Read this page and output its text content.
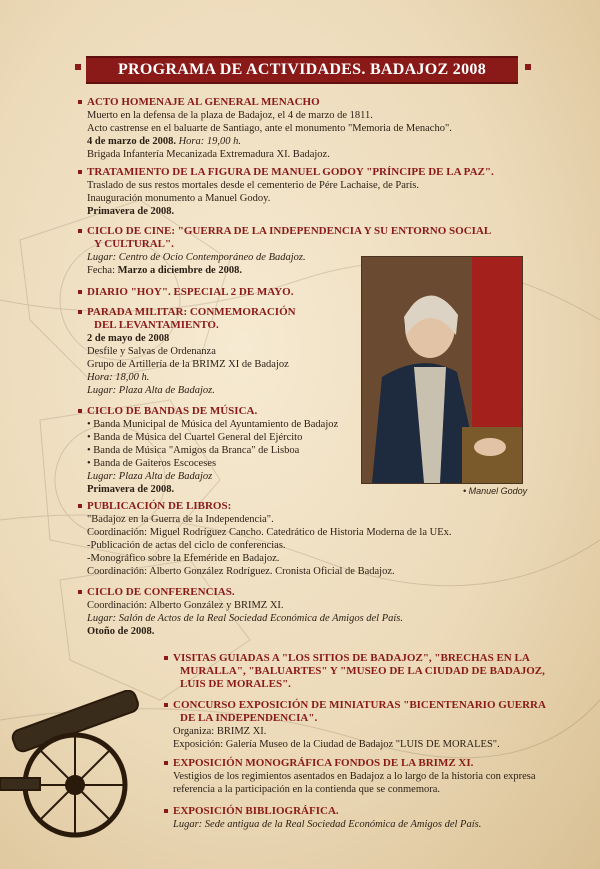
PROGRAMA DE ACTIVIDADES. BADAJOZ 2008
ACTO HOMENAJE AL GENERAL MENACHO
Muerto en la defensa de la plaza de Badajoz, el 4 de marzo de 1811.
Acto castrense en el baluarte de Santiago, ante el monumento "Memoria de Menacho".
4 de marzo de 2008. Hora: 19,00 h.
Brigada Infantería Mecanizada Extremadura XI. Badajoz.
TRATAMIENTO DE LA FIGURA DE MANUEL GODOY "PRÍNCIPE DE LA PAZ".
Traslado de sus restos mortales desde el cementerio de Pére Lachaise, de París.
Inauguración monumento a Manuel Godoy.
Primavera de 2008.
CICLO DE CINE: "GUERRA DE LA INDEPENDENCIA Y SU ENTORNO SOCIAL
Y CULTURAL".
Lugar: Centro de Ocio Contemporáneo de Badajoz.
Fecha: Marzo a diciembre de 2008.
DIARIO "HOY". ESPECIAL 2 DE MAYO.
PARADA MILITAR: CONMEMORACIÓN
DEL LEVANTAMIENTO.
2 de mayo de 2008
Desfile y Salvas de Ordenanza
Grupo de Artillería de la BRIMZ XI de Badajoz
Hora: 18,00 h.
Lugar: Plaza Alta de Badajoz.
CICLO DE BANDAS DE MÚSICA.
• Banda Municipal de Música del Ayuntamiento de Badajoz
• Banda de Música del Cuartel General del Ejército
• Banda de Música "Amigos da Branca" de Lisboa
• Banda de Gaiteros Escoceses
Lugar: Plaza Alta de Badajoz
Primavera de 2008.
PUBLICACIÓN DE LIBROS:
"Badajoz en la Guerra de la Independencia".
Coordinación: Miguel Rodríguez Cancho. Catedrático de Historia Moderna de la UEx.
-Publicación de actas del ciclo de conferencias.
-Monográfico sobre la Efeméride en Badajoz.
Coordinación: Alberto González Rodríguez. Cronista Oficial de Badajoz.
CICLO DE CONFERENCIAS.
Coordinación: Alberto González y BRIMZ XI.
Lugar: Salón de Actos de la Real Sociedad Económica de Amigos del País.
Otoño de 2008.
VISITAS GUIADAS A "LOS SITIOS DE BADAJOZ", "BRECHAS EN LA
MURALLA", "BALUARTES" Y "MUSEO DE LA CIUDAD DE BADAJOZ,
LUIS DE MORALES".
CONCURSO EXPOSICIÓN DE MINIATURAS "BICENTENARIO GUERRA
DE LA INDEPENDENCIA".
Organiza: BRIMZ XI.
Exposición: Galería Museo de la Ciudad de Badajoz "LUIS DE MORALES".
EXPOSICIÓN MONOGRÁFICA FONDOS DE LA BRIMZ XI.
Vestigios de los regimientos asentados en Badajoz a lo largo de la historia con expresa
referencia a la participación en la contienda que se conmemora.
EXPOSICIÓN BIBLIOGRÁFICA.
Lugar: Sede antigua de la Real Sociedad Económica de Amigos del País.
• Manuel Godoy
